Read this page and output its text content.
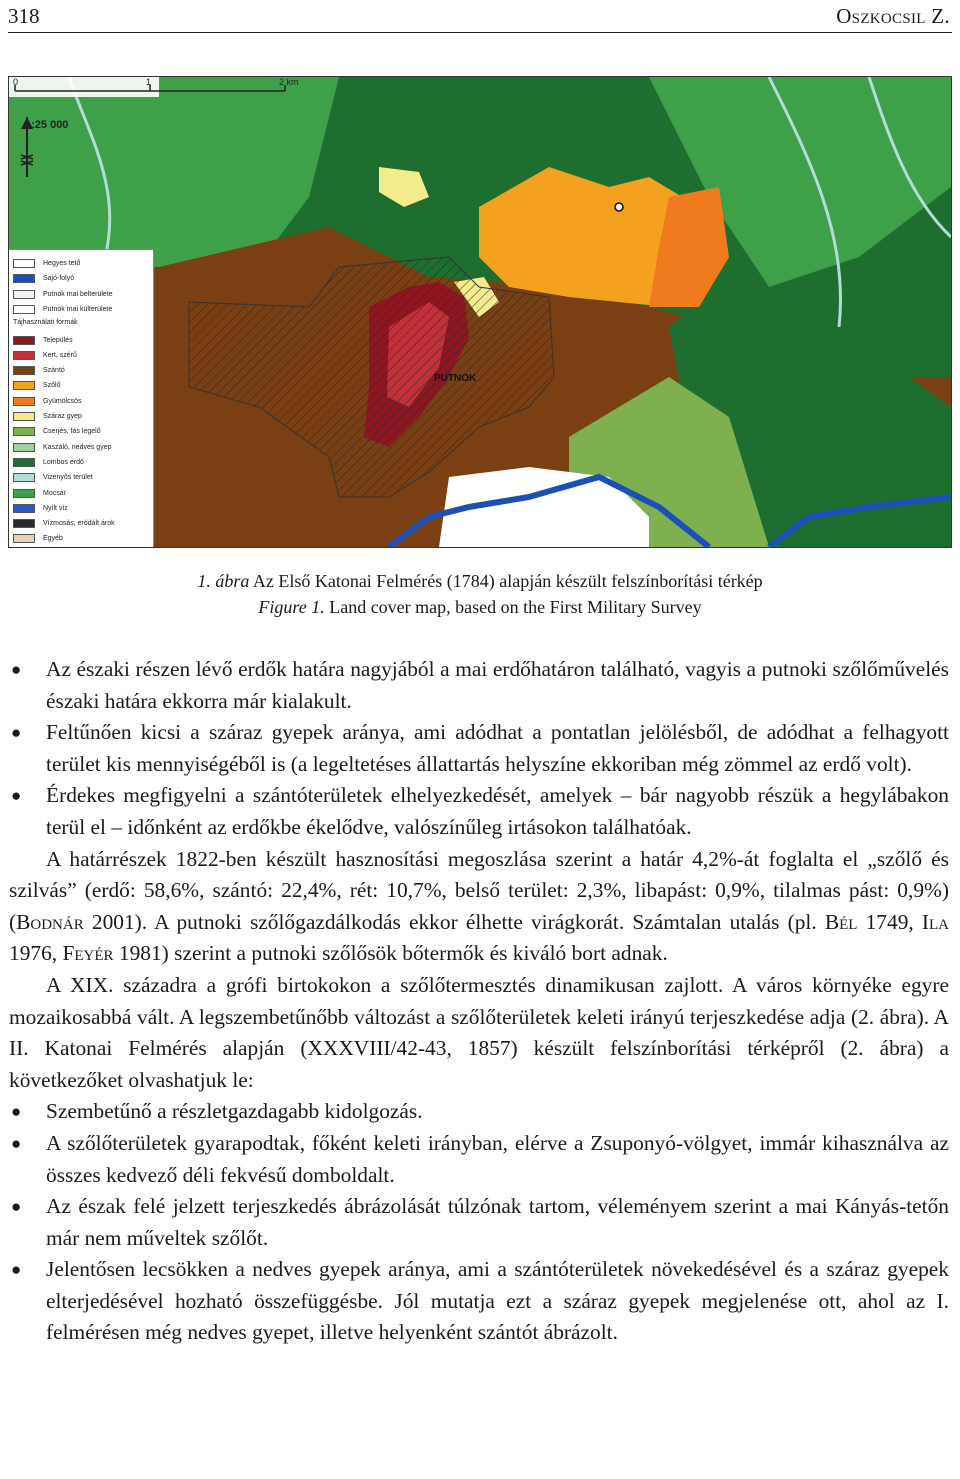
318	Oszkocsil Z.
0	1	2 km
1:25 000
PUTNOK
Hegyes tető
Sajó-folyó
Putnok mai belterülete
Putnok mai külterülete
Tájhasználati formák
Település
Kert, szérű
Szántó
Szőlő
Gyümölcsös
Száraz gyep
Cserjés, fás legelő
Kaszáló, nedves gyep
Lombos erdő
Vizenyős terület
Mocsár
Nyílt víz
Vízmosás, eródált árok
Egyéb
1. ábra Az Első Katonai Felmérés (1784) alapján készült felszínborítási térkép
Figure 1. Land cover map, based on the First Military Survey
● Az északi részen lévő erdők határa nagyjából a mai erdőhatáron található, vagyis a putnoki szőlőművelés északi határa ekkorra már kialakult.
● Feltűnően kicsi a száraz gyepek aránya, ami adódhat a pontatlan jelölésből, de adódhat a felhagyott terület kis mennyiségéből is (a legeltetéses állattartás helyszíne ekkoriban még zömmel az erdő volt).
● Érdekes megfigyelni a szántóterületek elhelyezkedését, amelyek – bár nagyobb részük a hegylábakon terül el – időnként az erdőkbe ékelődve, valószínűleg irtásokon találhatóak.
A határrészek 1822-ben készült hasznosítási megoszlása szerint a határ 4,2%-át foglalta el „szőlő és szilvás” (erdő: 58,6%, szántó: 22,4%, rét: 10,7%, belső terület: 2,3%, libapást: 0,9%, tilalmas pást: 0,9%) (Bodnár 2001). A putnoki szőlőgazdálkodás ekkor élhette virágkorát. Számtalan utalás (pl. Bél 1749, Ila 1976, Feyér 1981) szerint a putnoki szőlősök bőtermők és kiváló bort adnak.
A XIX. századra a grófi birtokokon a szőlőtermesztés dinamikusan zajlott. A város környéke egyre mozaikosabbá vált. A legszembetűnőbb változást a szőlőterületek keleti irányú terjeszkedése adja (2. ábra). A II. Katonai Felmérés alapján (XXXVIII/42-43, 1857) készült felszínborítási térképről (2. ábra) a következőket olvashatjuk le:
● Szembetűnő a részletgazdagabb kidolgozás.
● A szőlőterületek gyarapodtak, főként keleti irányban, elérve a Zsuponyó-völgyet, immár kihasználva az összes kedvező déli fekvésű domboldalt.
● Az észak felé jelzett terjeszkedés ábrázolását túlzónak tartom, véleményem szerint a mai Kányás-tetőn már nem műveltek szőlőt.
● Jelentősen lecsökken a nedves gyepek aránya, ami a szántóterületek növekedésével és a száraz gyepek elterjedésével hozható összefüggésbe. Jól mutatja ezt a száraz gyepek megjelenése ott, ahol az I. felmérésen még nedves gyepet, illetve helyenként szántót ábrázolt.
